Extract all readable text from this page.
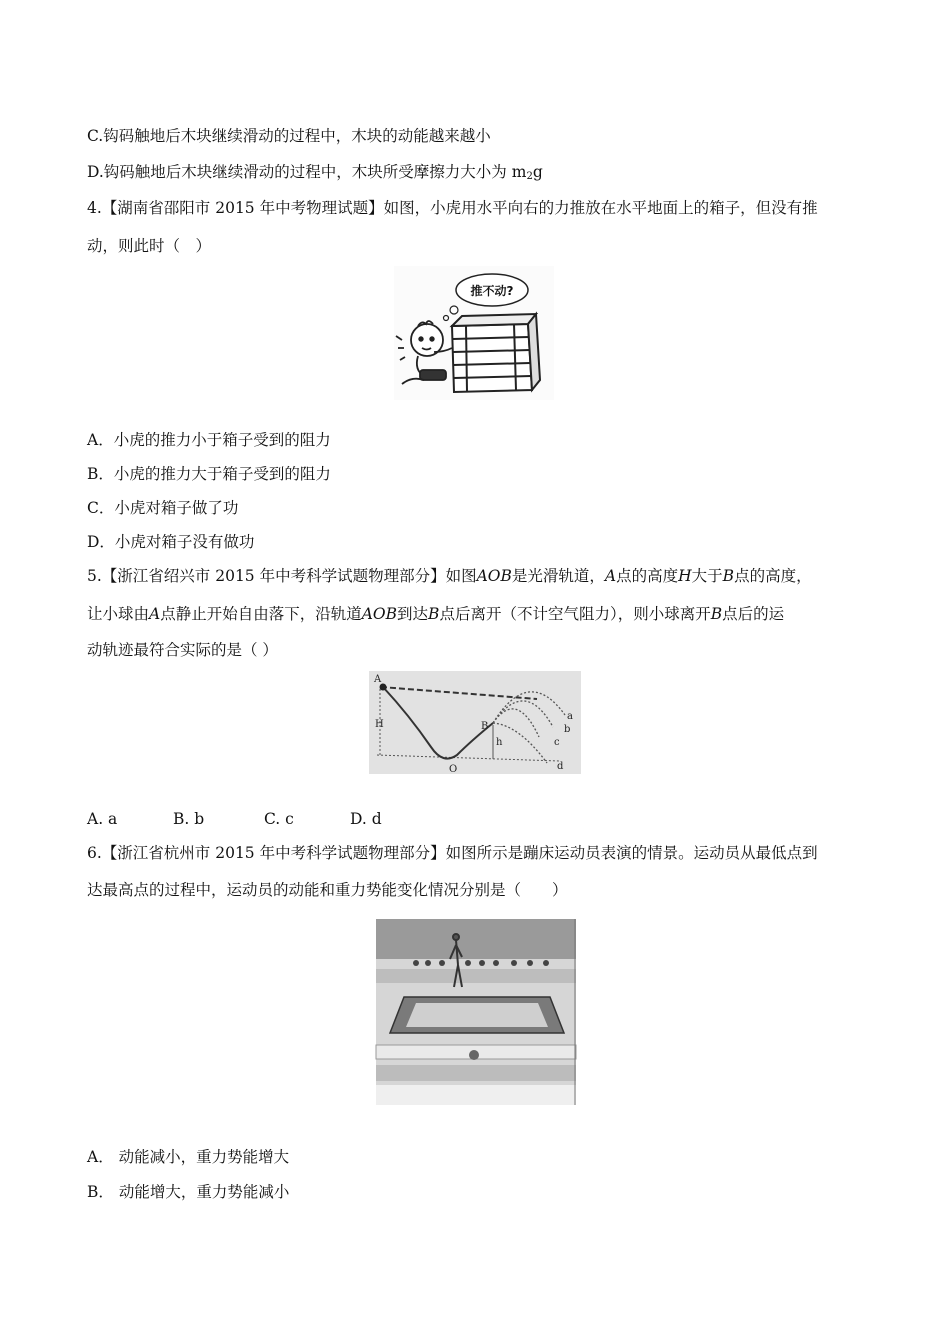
C.钩码触地后木块继续滑动的过程中，木块的动能越来越小
D.钩码触地后木块继续滑动的过程中，木块所受摩擦力大小为 $m_2g$
4.【湖南省邵阳市 2015 年中考物理试题】如图，小虎用水平向右的力推放在水平地面上的箱子，但没有推
动，则此时（　）
推不动?
A．小虎的推力小于箱子受到的阻力
B．小虎的推力大于箱子受到的阻力
C．小虎对箱子做了功
D．小虎对箱子没有做功
5.【浙江省绍兴市 2015 年中考科学试题物理部分】如图AOB是光滑轨道，A点的高度H大于B点的高度，
让小球由A点静止开始自由落下，沿轨道AOB到达B点后离开（不计空气阻力），则小球离开B点后的运
动轨迹最符合实际的是（ ）
A
H	B
h
O
a
b
c
d
A. a	B. b	C. c	D. d
6.【浙江省杭州市 2015 年中考科学试题物理部分】如图所示是蹦床运动员表演的情景。运动员从最低点到
达最高点的过程中，运动员的动能和重力势能变化情况分别是（　　）
A． 动能减小，重力势能增大
B． 动能增大，重力势能减小
